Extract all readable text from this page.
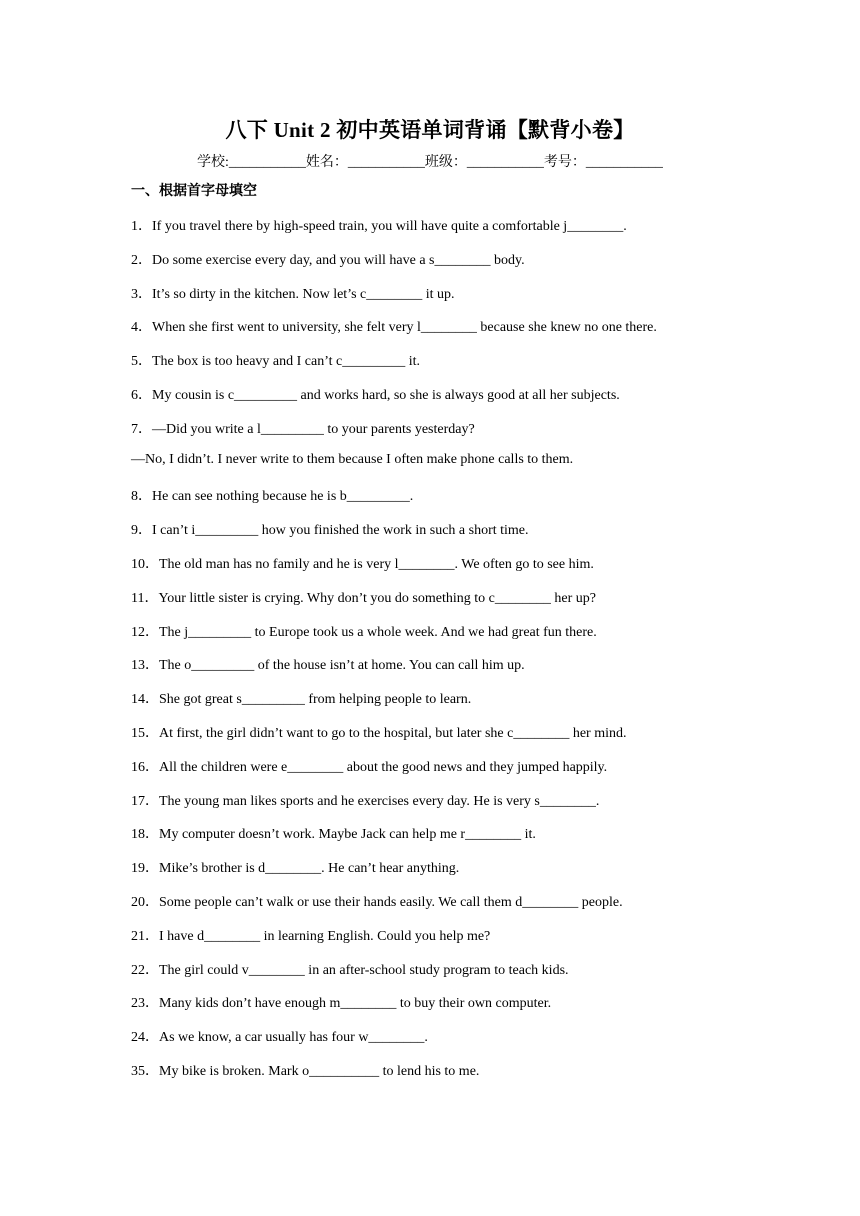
八下 Unit 2 初中英语单词背诵【默背小卷】
学校:___________姓名：___________班级：___________考号：___________
一、根据首字母填空
1．If you travel there by high-speed train, you will have quite a comfortable j________.
2．Do some exercise every day, and you will have a s________ body.
3．It’s so dirty in the kitchen. Now let’s c________ it up.
4．When she first went to university, she felt very l________ because she knew no one there.
5．The box is too heavy and I can’t c_________ it.
6．My cousin is c_________ and works hard, so she is always good at all her subjects.
7．—Did you write a l_________ to your parents yesterday?
—No, I didn’t. I never write to them because I often make phone calls to them.
8．He can see nothing because he is b_________.
9．I can’t i_________ how you finished the work in such a short time.
10．The old man has no family and he is very l________. We often go to see him.
11．Your little sister is crying. Why don’t you do something to c________ her up?
12．The j_________ to Europe took us a whole week. And we had great fun there.
13．The o_________ of the house isn’t at home. You can call him up.
14．She got great s_________ from helping people to learn.
15．At first, the girl didn’t want to go to the hospital, but later she c________ her mind.
16．All the children were e________ about the good news and they jumped happily.
17．The young man likes sports and he exercises every day. He is very s________.
18．My computer doesn’t work. Maybe Jack can help me r________ it.
19．Mike’s brother is d________. He can’t hear anything.
20．Some people can’t walk or use their hands easily. We call them d________ people.
21．I have d________ in learning English. Could you help me?
22．The girl could v________ in an after-school study program to teach kids.
23．Many kids don’t have enough m________ to buy their own computer.
24．As we know, a car usually has four w________.
35．My bike is broken. Mark o__________ to lend his to me.
